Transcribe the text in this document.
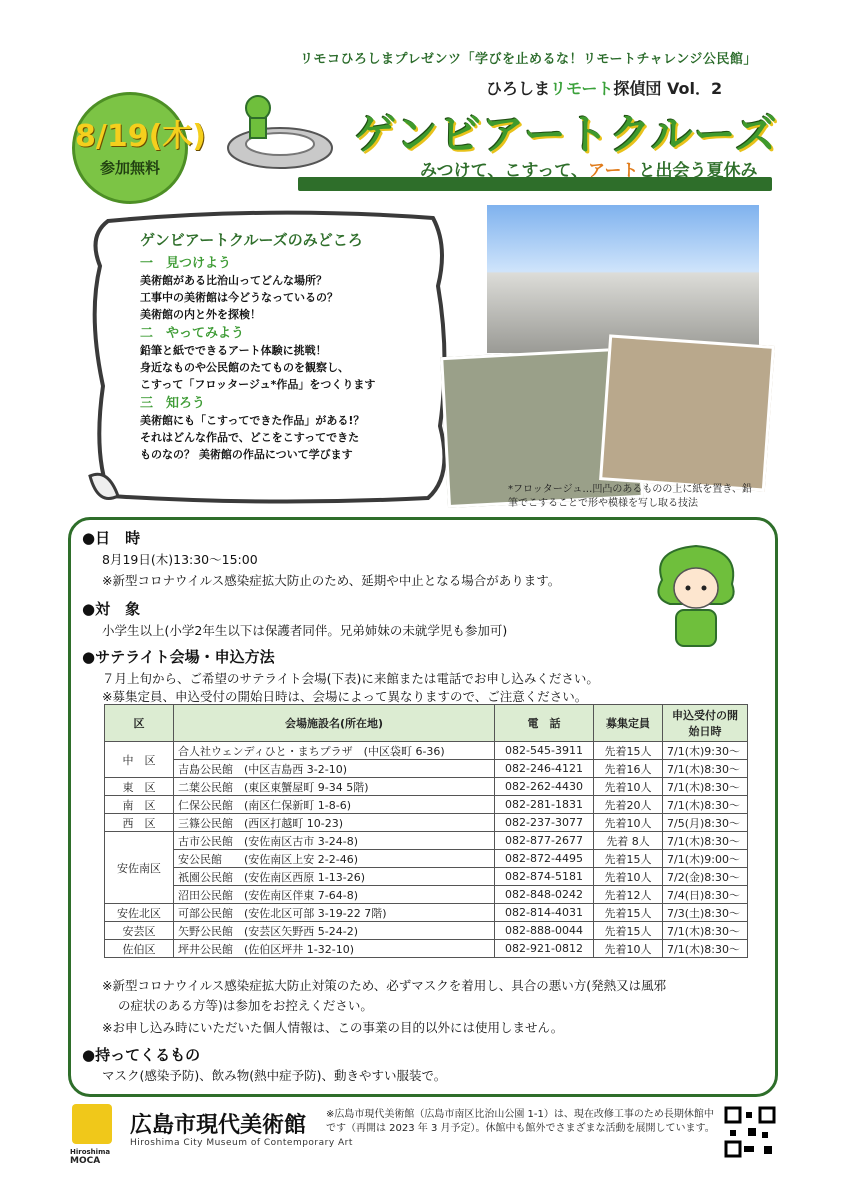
リモコひろしまプレゼンツ「学びを止めるな！リモートチャレンジ公民館」
ひろしまリモート探偵団 Vol．2
ゲンビアートクルーズ
みつけて、こすって、アートと出会う夏休み
8/19(木)
参加無料
ゲンビアートクルーズのみどころ
一　見つけよう
美術館がある比治山ってどんな場所？
工事中の美術館は今どうなっているの？
美術館の内と外を探検！
二　やってみよう
鉛筆と紙でできるアート体験に挑戦！
身近なものや公民館のたてものを観察し、
こすって「フロッタージュ*作品」をつくります
三　知ろう
美術館にも「こすってできた作品」がある!？
それはどんな作品で、どこをこすってできた
ものなの？ 美術館の作品について学びます
*フロッタージュ…凹凸のあるものの上に紙を置き、鉛筆でこすることで形や模様を写し取る技法
●日　時
8月19日(木)13:30～15:00
※新型コロナウイルス感染症拡大防止のため、延期や中止となる場合があります。
●対　象
小学生以上(小学2年生以下は保護者同伴。兄弟姉妹の未就学児も参加可)
●サテライト会場・申込方法
７月上旬から、ご希望のサテライト会場(下表)に来館または電話でお申し込みください。
※募集定員、申込受付の開始日時は、会場によって異なりますので、ご注意ください。
区	会場施設名(所在地)	電　話	募集定員	申込受付の開始日時
中　区	合人社ウェンディひと・まちプラザ　(中区袋町 6-36)	082-545-3911	先着15人	7/1(木)9:30～
	吉島公民館　(中区吉島西 3-2-10)	082-246-4121	先着16人	7/1(木)8:30～
東　区	二葉公民館　(東区東蟹屋町 9-34 5階)	082-262-4430	先着10人	7/1(木)8:30～
南　区	仁保公民館　(南区仁保新町 1-8-6)	082-281-1831	先着20人	7/1(木)8:30～
西　区	三篠公民館　(西区打越町 10-23)	082-237-3077	先着10人	7/5(月)8:30～
安佐南区	古市公民館　(安佐南区古市 3-24-8)	082-877-2677	先着 8人	7/1(木)8:30～
	安公民館　　(安佐南区上安 2-2-46)	082-872-4495	先着15人	7/1(木)9:00～
	祇園公民館　(安佐南区西原 1-13-26)	082-874-5181	先着10人	7/2(金)8:30～
	沼田公民館　(安佐南区伴東 7-64-8)	082-848-0242	先着12人	7/4(日)8:30～
安佐北区	可部公民館　(安佐北区可部 3-19-22 7階)	082-814-4031	先着15人	7/3(土)8:30～
安芸区	矢野公民館　(安芸区矢野西 5-24-2)	082-888-0044	先着15人	7/1(木)8:30～
佐伯区	坪井公民館　(佐伯区坪井 1-32-10)	082-921-0812	先着10人	7/1(木)8:30～
※新型コロナウイルス感染症拡大防止対策のため、必ずマスクを着用し、具合の悪い方(発熱又は風邪
の症状のある方等)は参加をお控えください。
※お申し込み時にいただいた個人情報は、この事業の目的以外には使用しません。
●持ってくるもの
マスク(感染予防)、飲み物(熱中症予防)、動きやすい服装で。
Hiroshima
MOCA
広島市現代美術館
Hiroshima City Museum of Contemporary Art
※広島市現代美術館（広島市南区比治山公園 1-1）は、現在改修工事のため長期休館中です（再開は 2023 年 3 月予定）。休館中も館外でさまざまな活動を展開しています。
